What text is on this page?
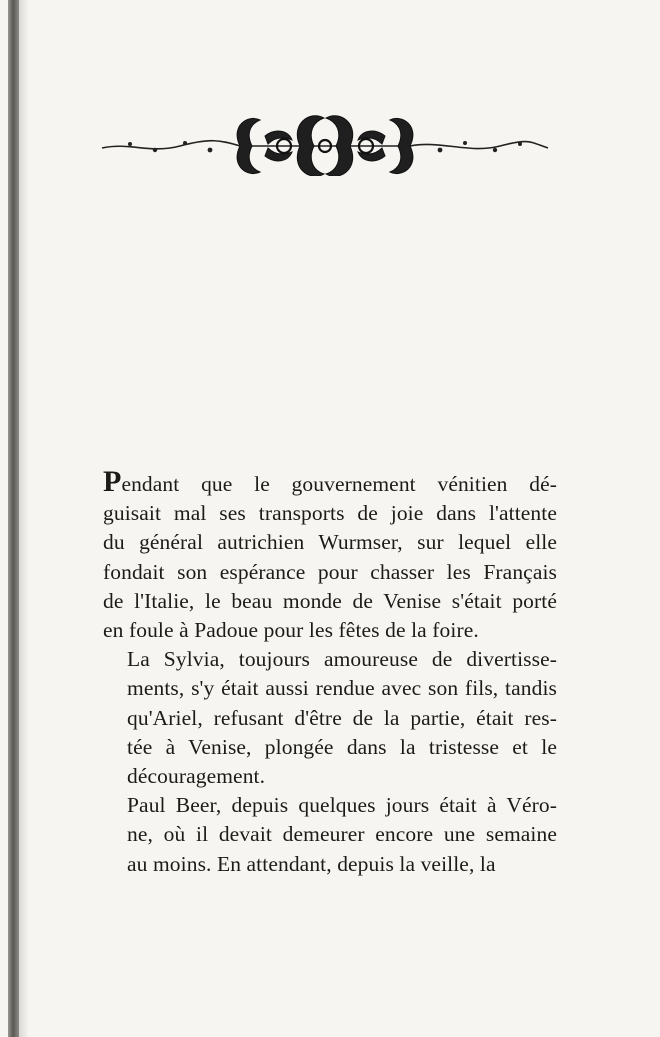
Pendant que le gouvernement vénitien dé-
guisait mal ses transports de joie dans l'attente
du général autrichien Wurmser, sur lequel elle
fondait son espérance pour chasser les Français
de l'Italie, le beau monde de Venise s'était porté
en foule à Padoue pour les fêtes de la foire.

La Sylvia, toujours amoureuse de divertisse-
ments, s'y était aussi rendue avec son fils, tandis
qu'Ariel, refusant d'être de la partie, était res-
tée à Venise, plongée dans la tristesse et le
découragement.

Paul Beer, depuis quelques jours était à Véro-
ne, où il devait demeurer encore une semaine
au moins. En attendant, depuis la veille, la
